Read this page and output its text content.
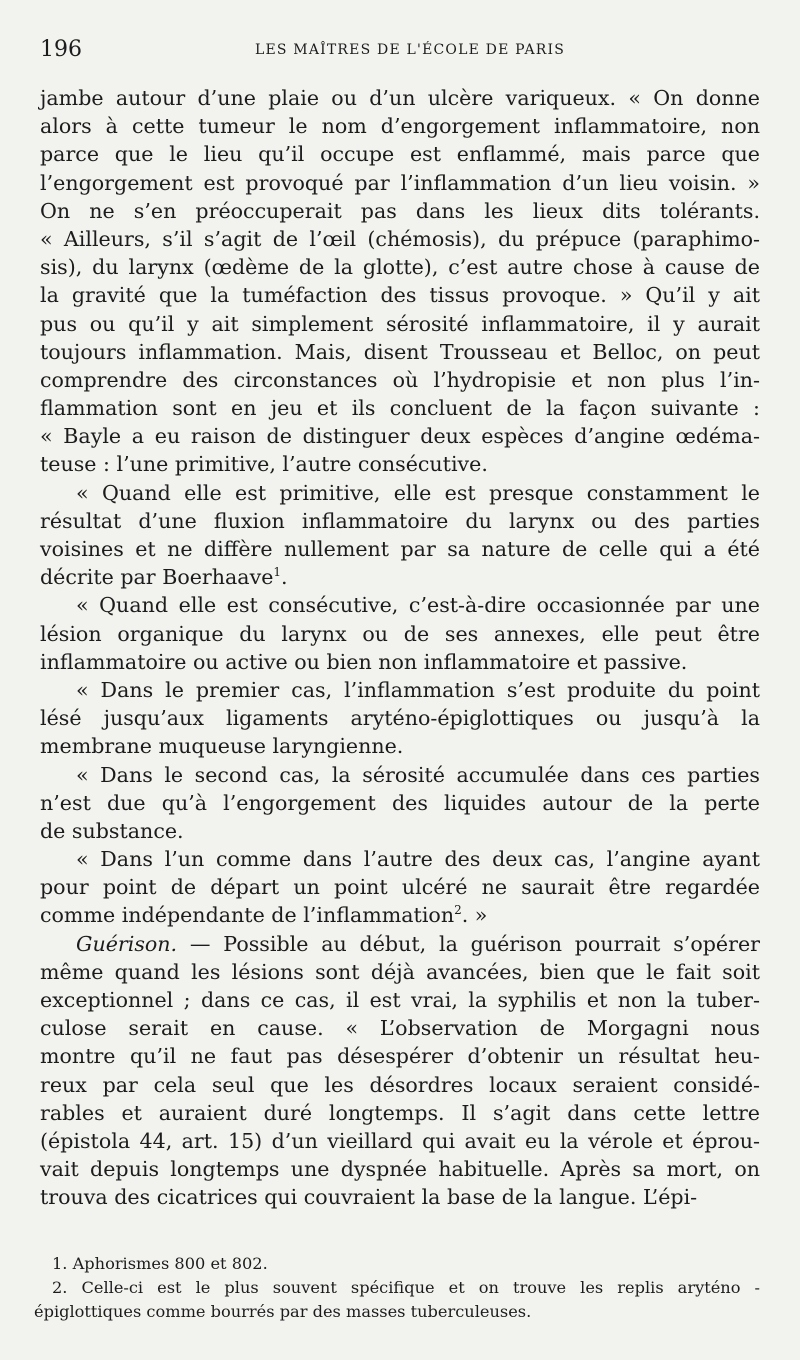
196	LES MAÎTRES DE L'ÉCOLE DE PARIS
jambe autour d’une plaie ou d’un ulcère variqueux. « On donne
alors à cette tumeur le nom d’engorgement inflammatoire, non
parce que le lieu qu’il occupe est enflammé, mais parce que
l’engorgement est provoqué par l’inflammation d’un lieu voisin. »
On ne s’en préoccuperait pas dans les lieux dits tolérants.
« Ailleurs, s’il s’agit de l’œil (chémosis), du prépuce (paraphimo-
sis), du larynx (œdème de la glotte), c’est autre chose à cause de
la gravité que la tuméfaction des tissus provoque. » Qu’il y ait
pus ou qu’il y ait simplement sérosité inflammatoire, il y aurait
toujours inflammation. Mais, disent Trousseau et Belloc, on peut
comprendre des circonstances où l’hydropisie et non plus l’in-
flammation sont en jeu et ils concluent de la façon suivante :
« Bayle a eu raison de distinguer deux espèces d’angine œdéma-
teuse : l’une primitive, l’autre consécutive.
« Quand elle est primitive, elle est presque constamment le
résultat d’une fluxion inflammatoire du larynx ou des parties
voisines et ne diffère nullement par sa nature de celle qui a été
décrite par Boerhaave$^1$.
« Quand elle est consécutive, c’est-à-dire occasionnée par une
lésion organique du larynx ou de ses annexes, elle peut être
inflammatoire ou active ou bien non inflammatoire et passive.
« Dans le premier cas, l’inflammation s’est produite du point
lésé jusqu’aux ligaments aryténo-épiglottiques ou jusqu’à la
membrane muqueuse laryngienne.
« Dans le second cas, la sérosité accumulée dans ces parties
n’est due qu’à l’engorgement des liquides autour de la perte
de substance.
« Dans l’un comme dans l’autre des deux cas, l’angine ayant
pour point de départ un point ulcéré ne saurait être regardée
comme indépendante de l’inflammation$^2$. »
Guérison. — Possible au début, la guérison pourrait s’opérer
même quand les lésions sont déjà avancées, bien que le fait soit
exceptionnel ; dans ce cas, il est vrai, la syphilis et non la tuber-
culose serait en cause. « L’observation de Morgagni nous
montre qu’il ne faut pas désespérer d’obtenir un résultat heu-
reux par cela seul que les désordres locaux seraient considé-
rables et auraient duré longtemps. Il s’agit dans cette lettre
(épistola 44, art. 15) d’un vieillard qui avait eu la vérole et éprou-
vait depuis longtemps une dyspnée habituelle. Après sa mort, on
trouva des cicatrices qui couvraient la base de la langue. L’épi-
1. Aphorismes 800 et 802.
2. Celle-ci est le plus souvent spécifique et on trouve les replis aryténo -
épiglottiques comme bourrés par des masses tuberculeuses.
